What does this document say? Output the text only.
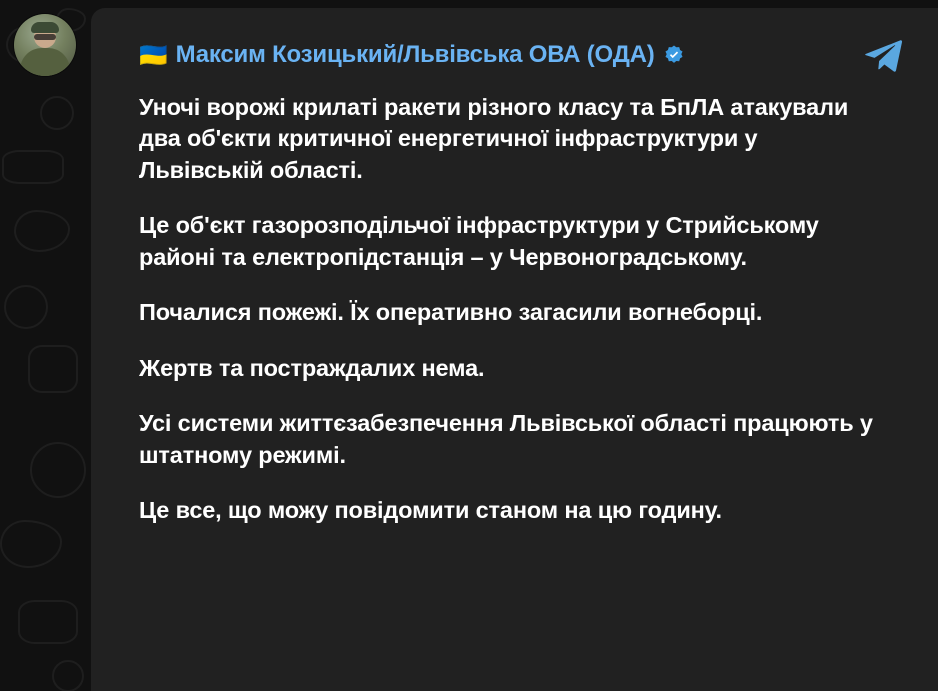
🇺🇦 Максим Козицький/Львівська ОВА (ОДА)

Уночі ворожі крилаті ракети різного класу та БпЛА атакували два об'єкти критичної енергетичної інфраструктури у Львівській області.

Це об'єкт газорозподільчої інфраструктури у Стрийському районі та електропідстанція – у Червоноградському.

Почалися пожежі. Їх оперативно загасили вогнеборці.

Жертв та постраждалих нема.

Усі системи життєзабезпечення Львівської області працюють у штатному режимі.

Це все, що можу повідомити станом на цю годину.
